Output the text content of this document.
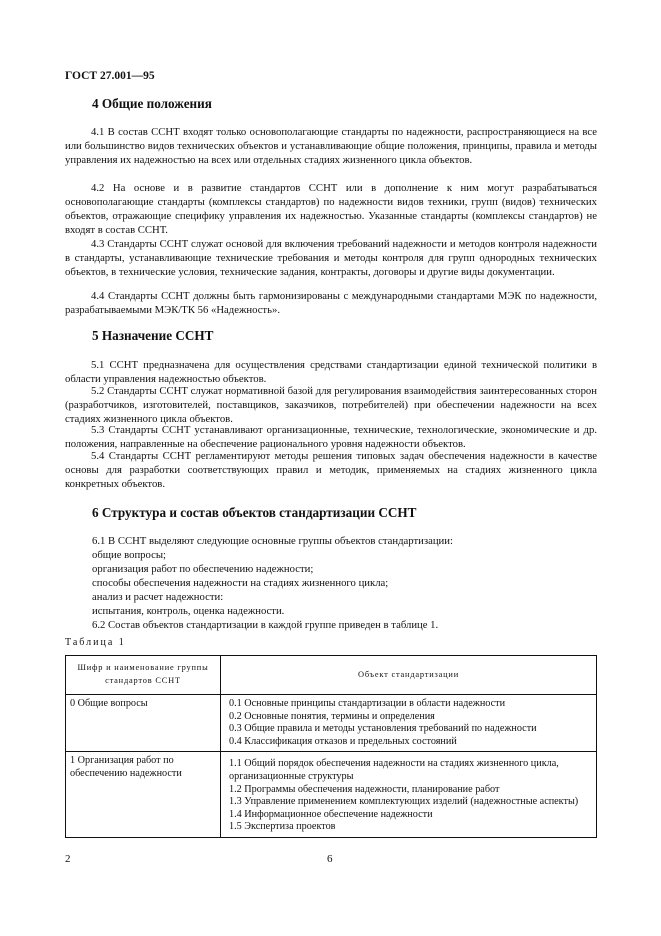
ГОСТ 27.001—95
4 Общие положения

4.1 В состав ССНТ входят только основополагающие стандарты по надежности, распространяющиеся на все или большинство видов технических объектов и устанавливающие общие положения, принципы, правила и методы управления их надежностью на всех или отдельных стадиях жизненного цикла объектов.

4.2 На основе и в развитие стандартов ССНТ или в дополнение к ним могут разрабатываться основополагающие стандарты (комплексы стандартов) по надежности видов техники, групп (видов) технических объектов, отражающие специфику управления их надежностью. Указанные стандарты (комплексы стандартов) не входят в состав ССНТ.

4.3 Стандарты ССНТ служат основой для включения требований надежности и методов контроля надежности в стандарты, устанавливающие технические требования и методы контроля для групп однородных технических объектов, в технические условия, технические задания, контракты, договоры и другие виды документации.

4.4 Стандарты ССНТ должны быть гармонизированы с международными стандартами МЭК по надежности, разрабатываемыми МЭК/ТК 56 «Надежность».

5 Назначение ССНТ

5.1 ССНТ предназначена для осуществления средствами стандартизации единой технической политики в области управления надежностью объектов.

5.2 Стандарты ССНТ служат нормативной базой для регулирования взаимодействия заинтересованных сторон (разработчиков, изготовителей, поставщиков, заказчиков, потребителей) при обеспечении надежности на всех стадиях жизненного цикла объектов.

5.3 Стандарты ССНТ устанавливают организационные, технические, технологические, экономические и др. положения, направленные на обеспечение рационального уровня надежности объектов.

5.4 Стандарты ССНТ регламентируют методы решения типовых задач обеспечения надежности в качестве основы для разработки соответствующих правил и методик, применяемых на стадиях жизненного цикла конкретных объектов.

6 Структура и состав объектов стандартизации ССНТ
6.1 В ССНТ выделяют следующие основные группы объектов стандартизации:
общие вопросы;
организация работ по обеспечению надежности;
способы обеспечения надежности на стадиях жизненного цикла;
анализ и расчет надежности:
испытания, контроль, оценка надежности.
6.2 Состав объектов стандартизации в каждой группе приведен в таблице 1.
Таблица 1
Шифр и наименование группы стандартов ССНТ	Объект стандартизации
0 Общие вопросы	0.1 Основные принципы стандартизации в области надежности
0.2 Основные понятия, термины и определения
0.3 Общие правила и методы установления требований по надежности
0.4 Классификация отказов и предельных состояний

1 Организация работ по обеспечению надежности	1.1 Общий порядок обеспечения надежности на стадиях жизненного цикла, организационные структуры
1.2 Программы обеспечения надежности, планирование работ
1.3 Управление применением комплектующих изделий (надежностные аспекты)
1.4 Информационное обеспечение надежности
1.5 Экспертиза проектов
2	6
